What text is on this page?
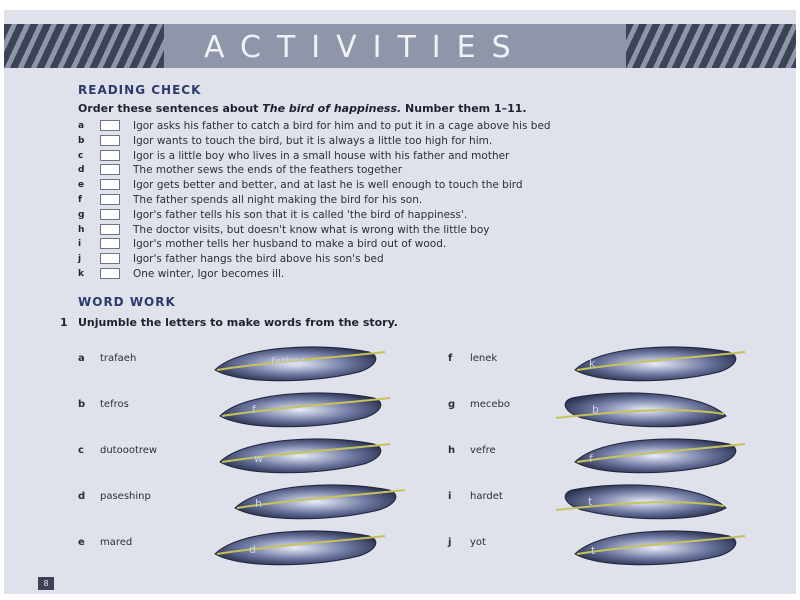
ACTIVITIES
READING CHECK
Order these sentences about The bird of happiness. Number them 1–11.
a	Igor asks his father to catch a bird for him and to put it in a cage above his bed
b	Igor wants to touch the bird, but it is always a little too high for him.
c	Igor is a little boy who lives in a small house with his father and mother
d	The mother sews the ends of the feathers together
e	Igor gets better and better, and at last he is well enough to touch the bird
f	The father spends all night making the bird for his son.
g	Igor's father tells his son that it is called 'the bird of happiness'.
h	The doctor visits, but doesn't know what is wrong with the little boy
i	Igor's mother tells her husband to make a bird out of wood.
j	Igor's father hangs the bird above his son's bed
k	One winter, Igor becomes ill.
WORD WORK
1 Unjumble the letters to make words from the story.
a trafaeh
b tefros
c dutoootrew
d paseshinp
e mared
f lenek
g mecebo
h vefre
i hardet
j yot
father
f
w
h
d
k
b
f
t
t
8
